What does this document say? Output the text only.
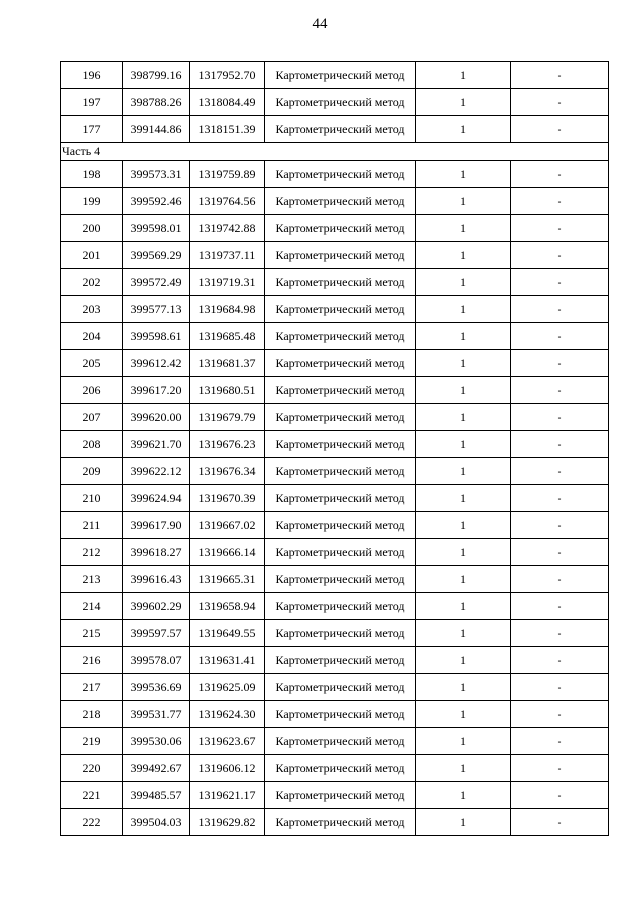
44
196	398799.16	1317952.70	Картометрический метод	1	-
197	398788.26	1318084.49	Картометрический метод	1	-
177	399144.86	1318151.39	Картометрический метод	1	-
Часть 4					
198	399573.31	1319759.89	Картометрический метод	1	-
199	399592.46	1319764.56	Картометрический метод	1	-
200	399598.01	1319742.88	Картометрический метод	1	-
201	399569.29	1319737.11	Картометрический метод	1	-
202	399572.49	1319719.31	Картометрический метод	1	-
203	399577.13	1319684.98	Картометрический метод	1	-
204	399598.61	1319685.48	Картометрический метод	1	-
205	399612.42	1319681.37	Картометрический метод	1	-
206	399617.20	1319680.51	Картометрический метод	1	-
207	399620.00	1319679.79	Картометрический метод	1	-
208	399621.70	1319676.23	Картометрический метод	1	-
209	399622.12	1319676.34	Картометрический метод	1	-
210	399624.94	1319670.39	Картометрический метод	1	-
211	399617.90	1319667.02	Картометрический метод	1	-
212	399618.27	1319666.14	Картометрический метод	1	-
213	399616.43	1319665.31	Картометрический метод	1	-
214	399602.29	1319658.94	Картометрический метод	1	-
215	399597.57	1319649.55	Картометрический метод	1	-
216	399578.07	1319631.41	Картометрический метод	1	-
217	399536.69	1319625.09	Картометрический метод	1	-
218	399531.77	1319624.30	Картометрический метод	1	-
219	399530.06	1319623.67	Картометрический метод	1	-
220	399492.67	1319606.12	Картометрический метод	1	-
221	399485.57	1319621.17	Картометрический метод	1	-
222	399504.03	1319629.82	Картометрический метод	1	-
